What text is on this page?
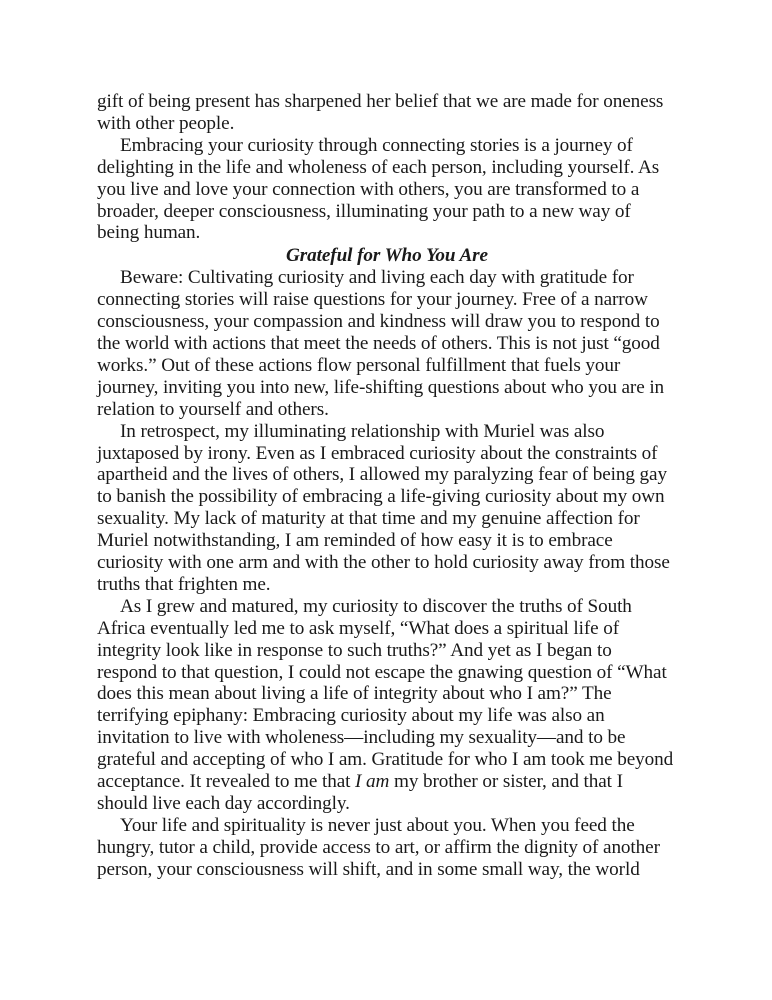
gift of being present has sharpened her belief that we are made for oneness
with other people.

Embracing your curiosity through connecting stories is a journey of
delighting in the life and wholeness of each person, including yourself. As
you live and love your connection with others, you are transformed to a
broader, deeper consciousness, illuminating your path to a new way of
being human.

Grateful for Who You Are

Beware: Cultivating curiosity and living each day with gratitude for
connecting stories will raise questions for your journey. Free of a narrow
consciousness, your compassion and kindness will draw you to respond to
the world with actions that meet the needs of others. This is not just “good
works.” Out of these actions flow personal fulfillment that fuels your
journey, inviting you into new, life-shifting questions about who you are in
relation to yourself and others.

In retrospect, my illuminating relationship with Muriel was also
juxtaposed by irony. Even as I embraced curiosity about the constraints of
apartheid and the lives of others, I allowed my paralyzing fear of being gay
to banish the possibility of embracing a life-giving curiosity about my own
sexuality. My lack of maturity at that time and my genuine affection for
Muriel notwithstanding, I am reminded of how easy it is to embrace
curiosity with one arm and with the other to hold curiosity away from those
truths that frighten me.

As I grew and matured, my curiosity to discover the truths of South
Africa eventually led me to ask myself, “What does a spiritual life of
integrity look like in response to such truths?” And yet as I began to
respond to that question, I could not escape the gnawing question of “What
does this mean about living a life of integrity about who I am?” The
terrifying epiphany: Embracing curiosity about my life was also an
invitation to live with wholeness—including my sexuality—and to be
grateful and accepting of who I am. Gratitude for who I am took me beyond
acceptance. It revealed to me that I am my brother or sister, and that I
should live each day accordingly.

Your life and spirituality is never just about you. When you feed the
hungry, tutor a child, provide access to art, or affirm the dignity of another
person, your consciousness will shift, and in some small way, the world
